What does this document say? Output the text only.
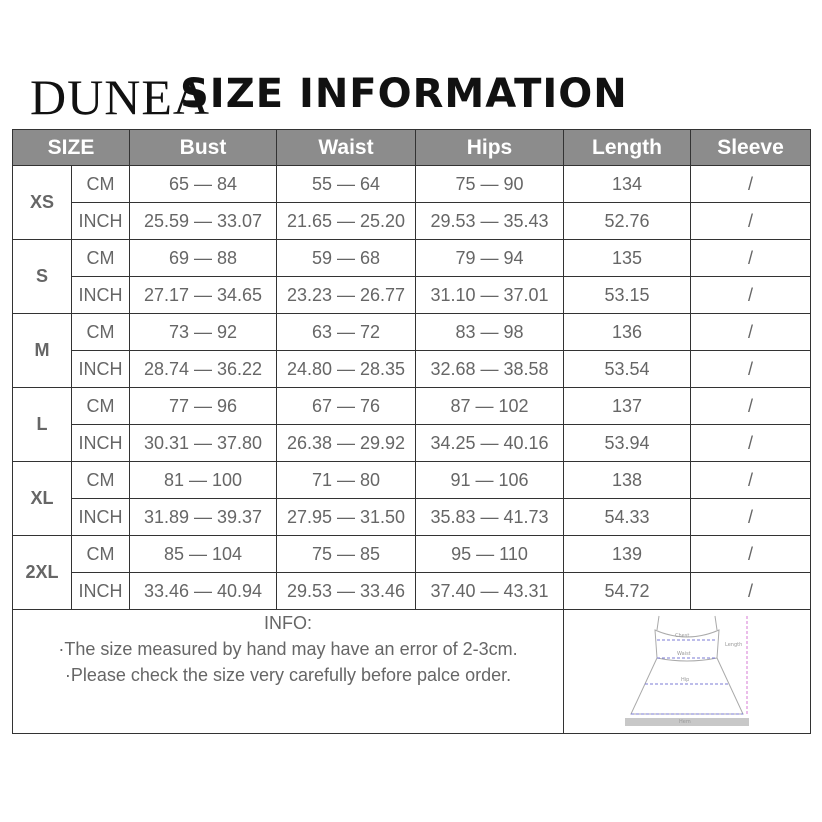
DUNEA
SIZE INFORMATION
SIZE		Bust	Waist	Hips	Length	Sleeve
XS	CM	65 — 84	55 — 64	75 — 90	134	/
	INCH	25.59 — 33.07	21.65 — 25.20	29.53 — 35.43	52.76	/
S	CM	69 — 88	59 — 68	79 — 94	135	/
	INCH	27.17 — 34.65	23.23 — 26.77	31.10 — 37.01	53.15	/
M	CM	73 — 92	63 — 72	83 — 98	136	/
	INCH	28.74 — 36.22	24.80 — 28.35	32.68 — 38.58	53.54	/
L	CM	77 — 96	67 — 76	87 — 102	137	/
	INCH	30.31 — 37.80	26.38 — 29.92	34.25 — 40.16	53.94	/
XL	CM	81 — 100	71 — 80	91 — 106	138	/
	INCH	31.89 — 39.37	27.95 — 31.50	35.83 — 41.73	54.33	/
2XL	CM	85 — 104	75 — 85	95 — 110	139	/
	INCH	33.46 — 40.94	29.53 — 33.46	37.40 — 43.31	54.72	/

INFO:
·The size measured by hand may have an error of 2-3cm.
·Please check the size very carefully before palce order.					Chest
Waist
Hip
Length
Hem	
